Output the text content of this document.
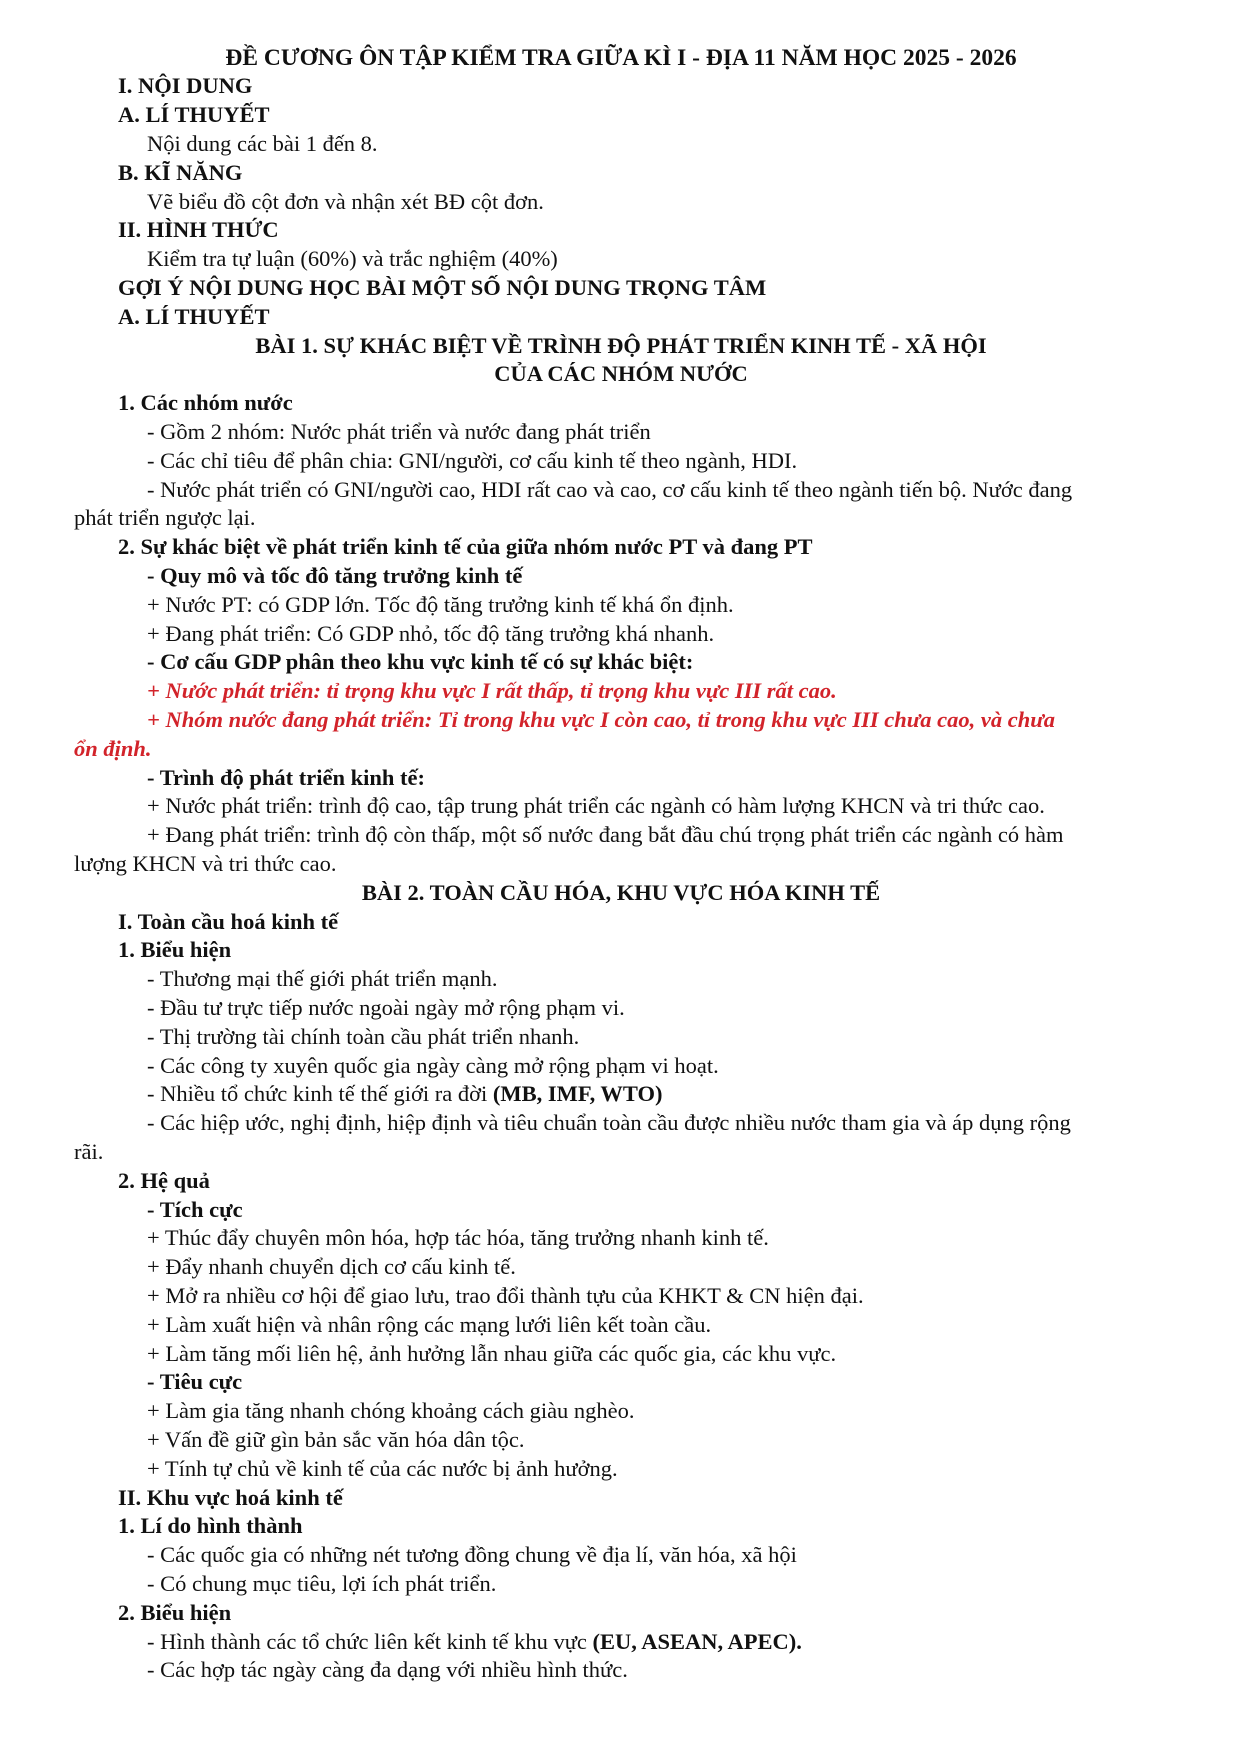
ĐỀ CƯƠNG ÔN TẬP KIỂM TRA GIỮA KÌ I - ĐỊA 11 NĂM HỌC 2025 - 2026
I. NỘI DUNG
A. LÍ THUYẾT
Nội dung các bài 1 đến 8.
B. KĨ NĂNG
Vẽ biểu đồ cột đơn và nhận xét BĐ cột đơn.
II. HÌNH THỨC
Kiểm tra tự luận (60%) và trắc nghiệm (40%)
GỢI Ý NỘI DUNG HỌC BÀI MỘT SỐ NỘI DUNG TRỌNG TÂM
A. LÍ THUYẾT
BÀI 1. SỰ KHÁC BIỆT VỀ TRÌNH ĐỘ PHÁT TRIỂN KINH TẾ - XÃ HỘI
CỦA CÁC NHÓM NƯỚC
1. Các nhóm nước
- Gồm 2 nhóm: Nước phát triển và nước đang phát triển
- Các chỉ tiêu để phân chia: GNI/người, cơ cấu kinh tế theo ngành, HDI.
- Nước phát triển có GNI/người cao, HDI rất cao và cao, cơ cấu kinh tế theo ngành tiến bộ. Nước đang
phát triển ngược lại.
2. Sự khác biệt về phát triển kinh tế của giữa nhóm nước PT và đang PT
- Quy mô và tốc đô tăng trưởng kinh tế
+ Nước PT: có GDP lớn. Tốc độ tăng trưởng kinh tế khá ổn định.
+ Đang phát triển: Có GDP nhỏ, tốc độ tăng trưởng khá nhanh.
- Cơ cấu GDP phân theo khu vực kinh tế có sự khác biệt:
+ Nước phát triển: tỉ trọng khu vực I rất thấp, tỉ trọng khu vực III rất cao.
+ Nhóm nước đang phát triển: Tỉ trong khu vực I còn cao, tỉ trong khu vực III chưa cao, và chưa
ổn định.
- Trình độ phát triển kinh tế:
+ Nước phát triển: trình độ cao, tập trung phát triển các ngành có hàm lượng KHCN và tri thức cao.
+ Đang phát triển: trình độ còn thấp, một số nước đang bắt đầu chú trọng phát triển các ngành có hàm
lượng KHCN và tri thức cao.
BÀI 2. TOÀN CẦU HÓA, KHU VỰC HÓA KINH TẾ
I. Toàn cầu hoá kinh tế
1. Biểu hiện
- Thương mại thế giới phát triển mạnh.
- Đầu tư trực tiếp nước ngoài ngày mở rộng phạm vi.
- Thị trường tài chính toàn cầu phát triển nhanh.
- Các công ty xuyên quốc gia ngày càng mở rộng phạm vi hoạt.
- Nhiều tổ chức kinh tế thế giới ra đời (MB, IMF, WTO)
- Các hiệp ước, nghị định, hiệp định và tiêu chuẩn toàn cầu được nhiều nước tham gia và áp dụng rộng
rãi.
2. Hệ quả
- Tích cực
+ Thúc đẩy chuyên môn hóa, hợp tác hóa, tăng trưởng nhanh kinh tế.
+ Đẩy nhanh chuyển dịch cơ cấu kinh tế.
+ Mở ra nhiều cơ hội để giao lưu, trao đổi thành tựu của KHKT & CN hiện đại.
+ Làm xuất hiện và nhân rộng các mạng lưới liên kết toàn cầu.
+ Làm tăng mối liên hệ, ảnh hưởng lẫn nhau giữa các quốc gia, các khu vực.
- Tiêu cực
+ Làm gia tăng nhanh chóng khoảng cách giàu nghèo.
+ Vấn đề giữ gìn bản sắc văn hóa dân tộc.
+ Tính tự chủ về kinh tế của các nước bị ảnh hưởng.
II. Khu vực hoá kinh tế
1. Lí do hình thành
- Các quốc gia có những nét tương đồng chung về địa lí, văn hóa, xã hội
- Có chung mục tiêu, lợi ích phát triển.
2. Biểu hiện
- Hình thành các tổ chức liên kết kinh tế khu vực (EU, ASEAN, APEC).
- Các hợp tác ngày càng đa dạng với nhiều hình thức.
